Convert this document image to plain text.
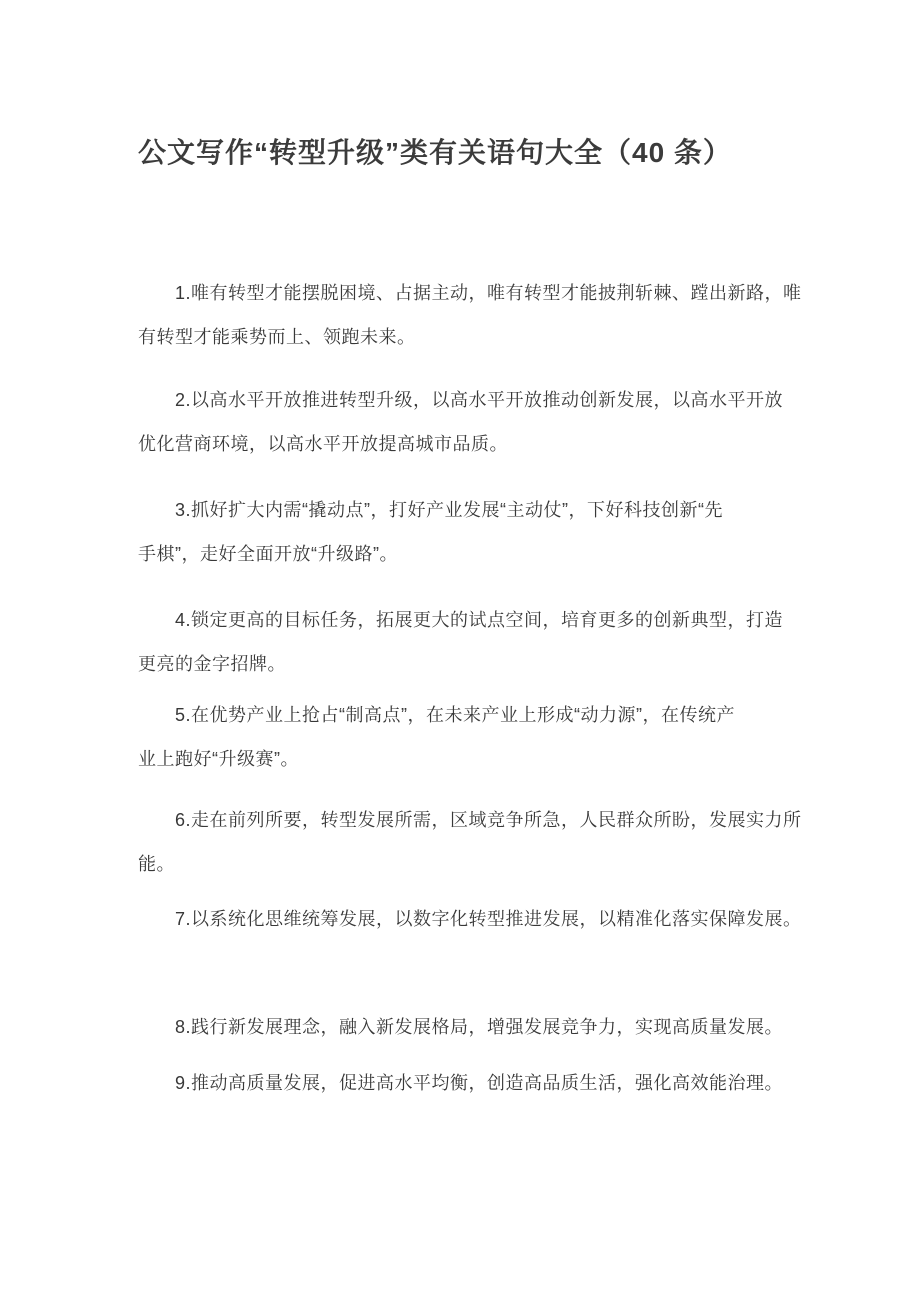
公文写作“转型升级”类有关语句大全（40 条）

1.唯有转型才能摆脱困境、占据主动，唯有转型才能披荆斩棘、蹚出新路，唯
有转型才能乘势而上、领跑未来。

2.以高水平开放推进转型升级，以高水平开放推动创新发展，以高水平开放
优化营商环境，以高水平开放提高城市品质。

3.抓好扩大内需“撬动点”，打好产业发展“主动仗”，下好科技创新“先
手棋”，走好全面开放“升级路”。

4.锁定更高的目标任务，拓展更大的试点空间，培育更多的创新典型，打造
更亮的金字招牌。

5.在优势产业上抢占“制高点”，在未来产业上形成“动力源”，在传统产
业上跑好“升级赛”。

6.走在前列所要，转型发展所需，区域竞争所急，人民群众所盼，发展实力所
能。

7.以系统化思维统筹发展，以数字化转型推进发展，以精准化落实保障发展。

8.践行新发展理念，融入新发展格局，增强发展竞争力，实现高质量发展。

9.推动高质量发展，促进高水平均衡，创造高品质生活，强化高效能治理。
